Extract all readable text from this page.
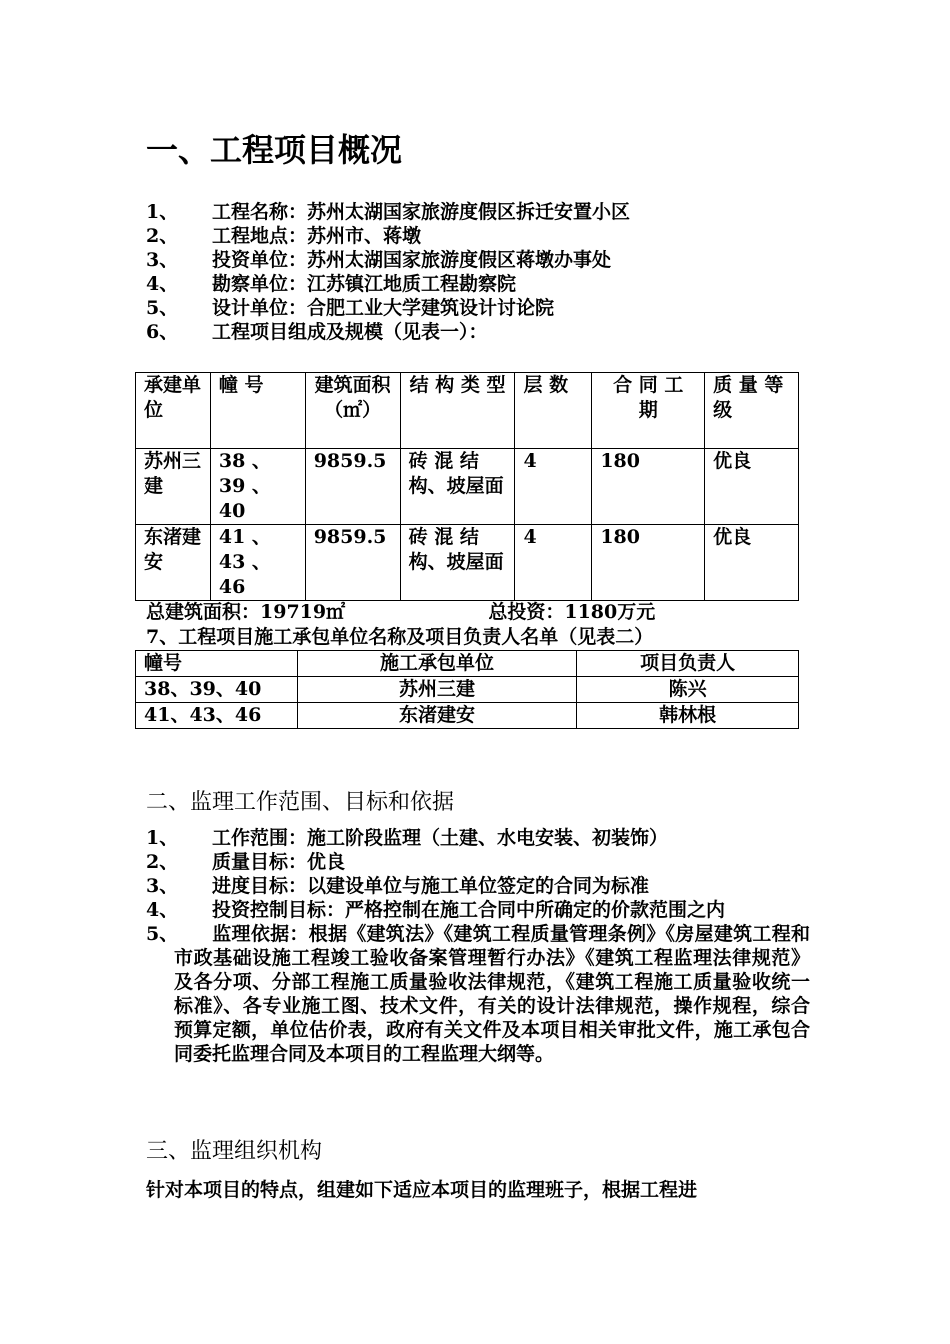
一、工程项目概况
1、 工程名称：苏州太湖国家旅游度假区拆迁安置小区
2、 工程地点：苏州市、蒋墩
3、 投资单位：苏州太湖国家旅游度假区蒋墩办事处
4、 勘察单位：江苏镇江地质工程勘察院
5、 设计单位：合肥工业大学建筑设计讨论院
6、 工程项目组成及规模（见表一）：
承建单位	幢 号	建筑面积（㎡）	结 构 类 型	层 数	合 同 工 期	质 量 等 级
苏州三建	38 、 39 、40	9859.5	砖 混 结构、坡屋面	4	180	优良
东渚建安	41 、 43 、46	9859.5	砖 混 结构、坡屋面	4	180	优良
总建筑面积：19719㎡	总投资：1180万元
7、工程项目施工承包单位名称及项目负责人名单（见表二）
幢号	施工承包单位	项目负责人
38、39、40	苏州三建	陈兴
41、43、46	东渚建安	韩林根
二、监理工作范围、目标和依据
1、 工作范围：施工阶段监理（土建、水电安装、初装饰）
2、 质量目标：优良
3、 进度目标：以建设单位与施工单位签定的合同为标准
4、 投资控制目标：严格控制在施工合同中所确定的价款范围之内
5、 监理依据：根据《建筑法》《建筑工程质量管理条例》《房屋建筑工程和市政基础设施工程竣工验收备案管理暂行办法》《建筑工程监理法律规范》及各分项、分部工程施工质量验收法律规范，《建筑工程施工质量验收统一标准》、各专业施工图、技术文件，有关的设计法律规范，操作规程，综合预算定额，单位估价表，政府有关文件及本项目相关审批文件，施工承包合同委托监理合同及本项目的工程监理大纲等。
三、监理组织机构
针对本项目的特点，组建如下适应本项目的监理班子，根据工程进
